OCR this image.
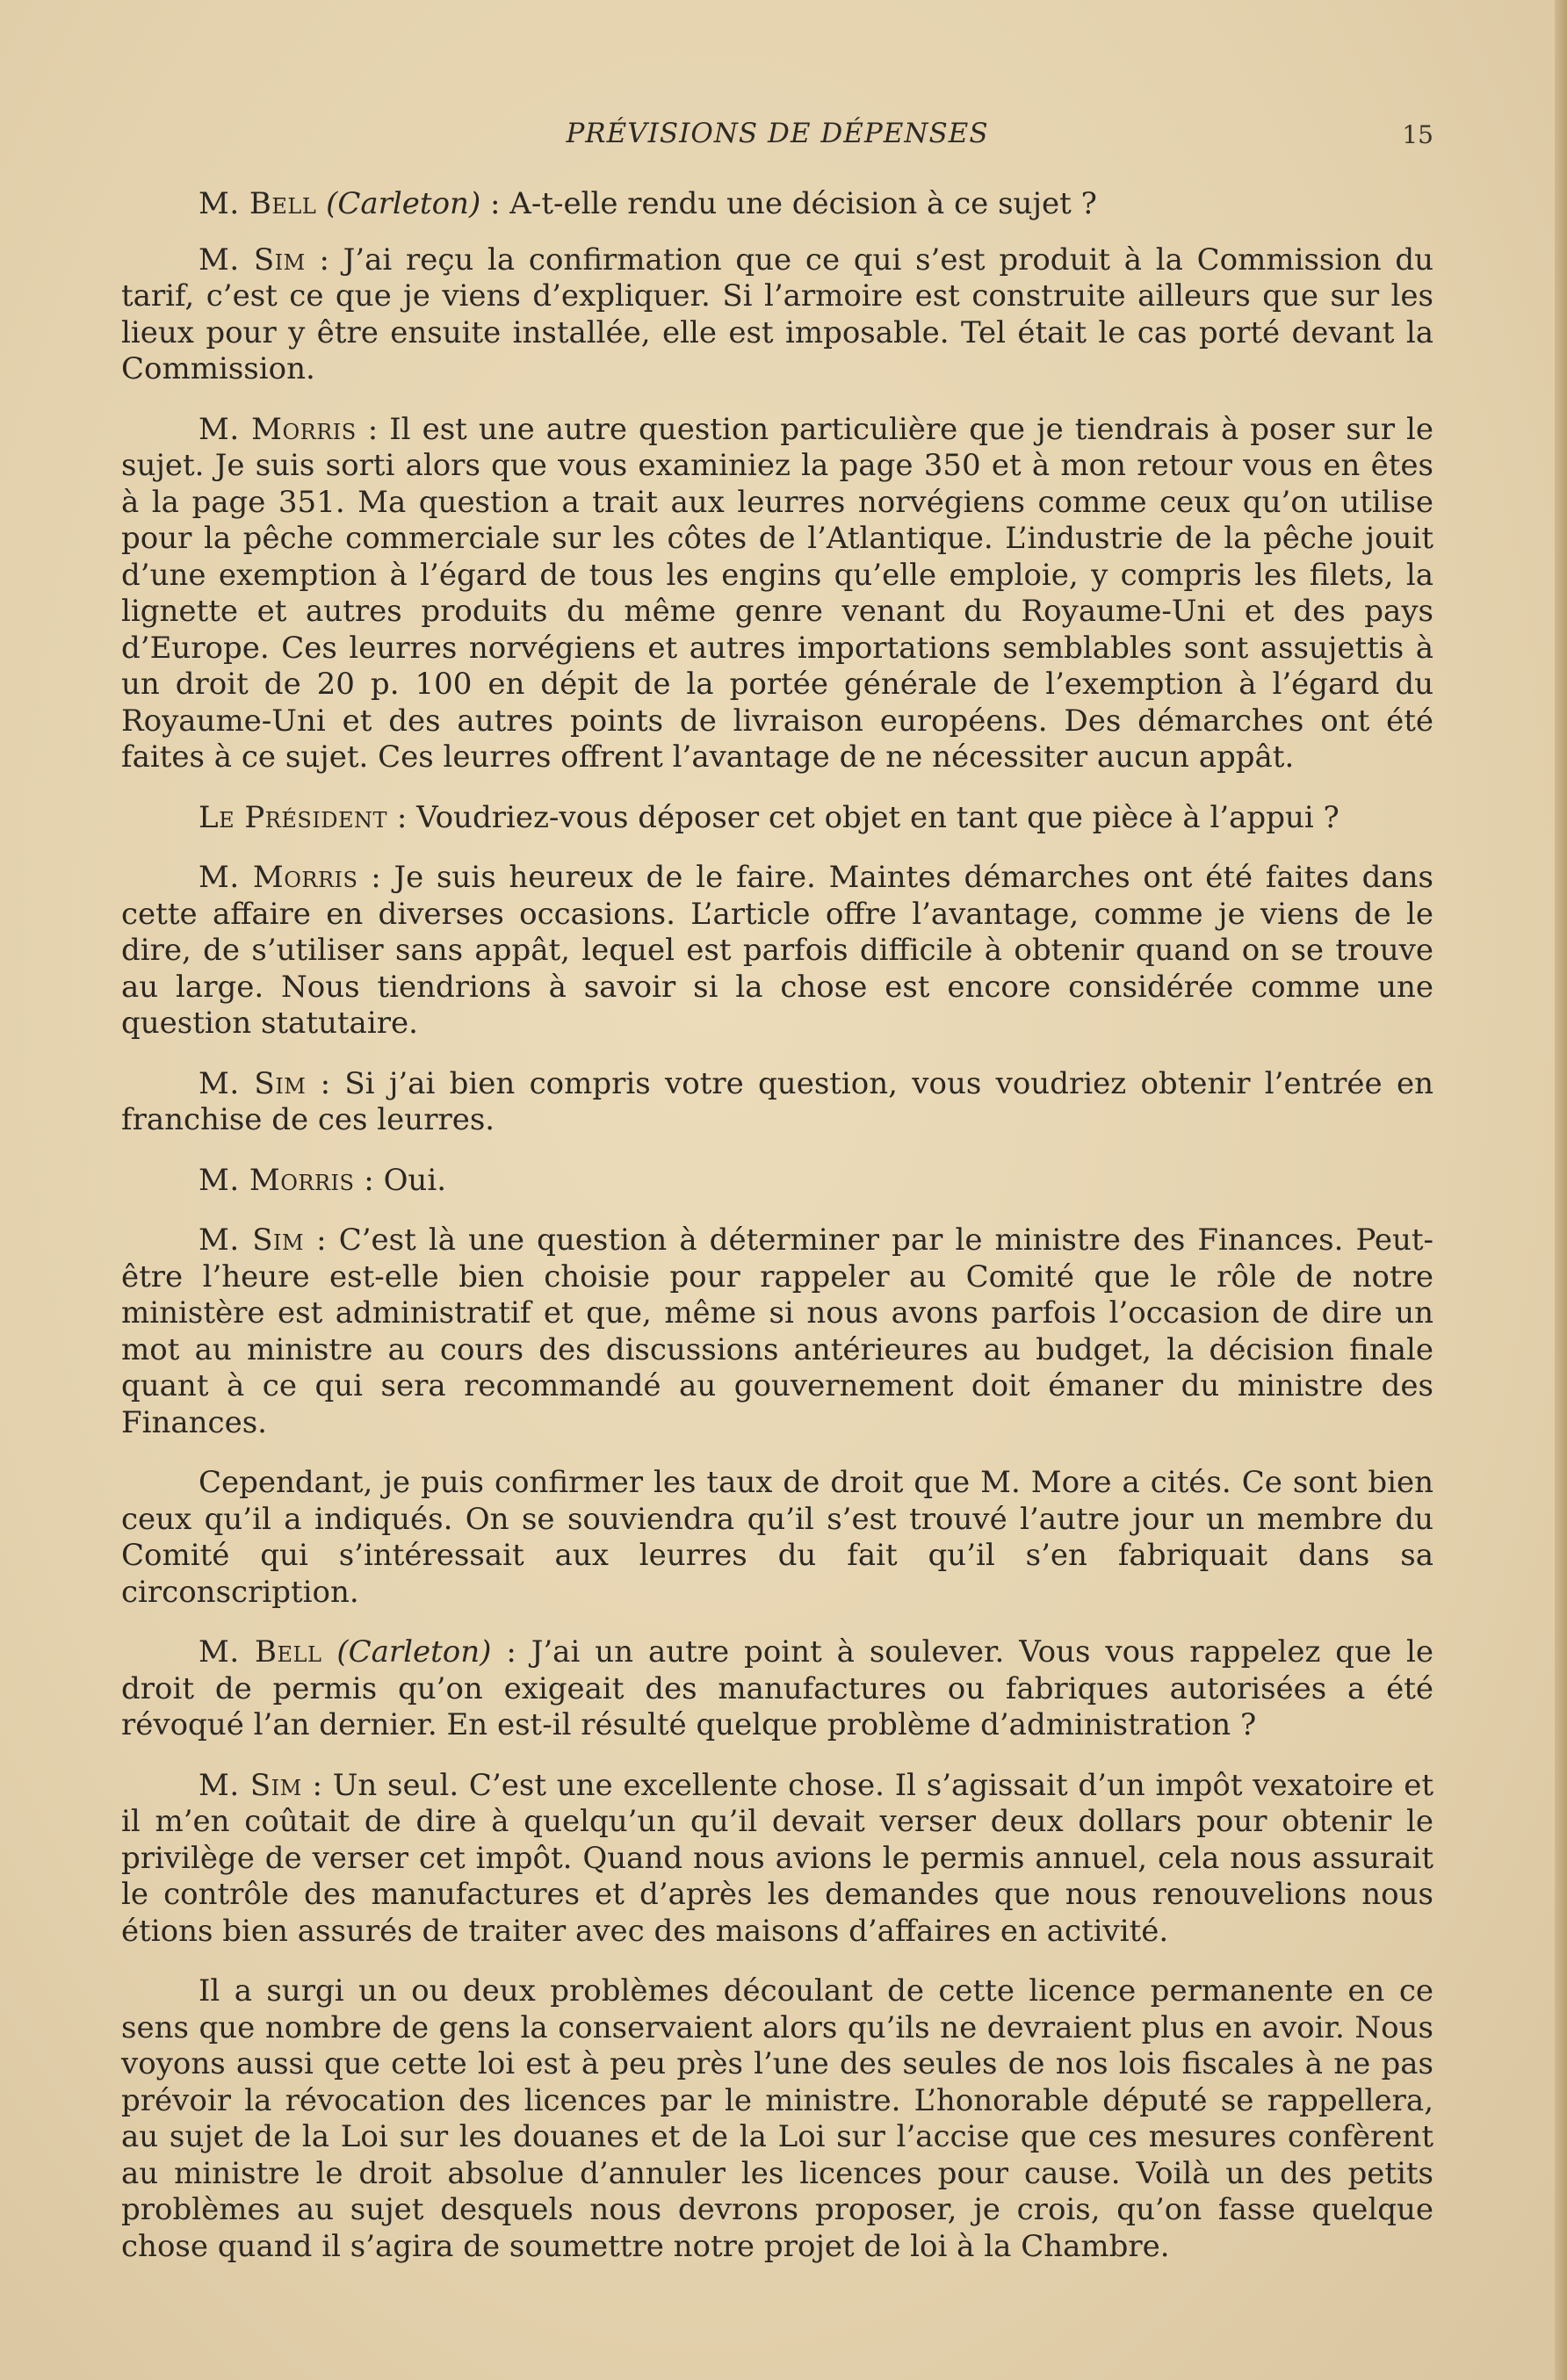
PRÉVISIONS DE DÉPENSES	15

M. Bell (Carleton) : A-t-elle rendu une décision à ce sujet ?

M. Sim : J’ai reçu la confirmation que ce qui s’est produit à la Commission du tarif, c’est ce que je viens d’expliquer. Si l’armoire est construite ailleurs que sur les lieux pour y être ensuite installée, elle est imposable. Tel était le cas porté devant la Commission.

M. Morris : Il est une autre question particulière que je tiendrais à poser sur le sujet. Je suis sorti alors que vous examiniez la page 350 et à mon retour vous en êtes à la page 351. Ma question a trait aux leurres norvégiens comme ceux qu’on utilise pour la pêche commerciale sur les côtes de l’Atlantique. L’industrie de la pêche jouit d’une exemption à l’égard de tous les engins qu’elle emploie, y compris les filets, la lignette et autres produits du même genre venant du Royaume-Uni et des pays d’Europe. Ces leurres norvégiens et autres importations semblables sont assujettis à un droit de 20 p. 100 en dépit de la portée générale de l’exemption à l’égard du Royaume-Uni et des autres points de livraison européens. Des démarches ont été faites à ce sujet. Ces leurres offrent l’avantage de ne nécessiter aucun appât.

Le Président : Voudriez-vous déposer cet objet en tant que pièce à l’appui ?

M. Morris : Je suis heureux de le faire. Maintes démarches ont été faites dans cette affaire en diverses occasions. L’article offre l’avantage, comme je viens de le dire, de s’utiliser sans appât, lequel est parfois difficile à obtenir quand on se trouve au large. Nous tiendrions à savoir si la chose est encore considérée comme une question statutaire.

M. Sim : Si j’ai bien compris votre question, vous voudriez obtenir l’entrée en franchise de ces leurres.

M. Morris : Oui.

M. Sim : C’est là une question à déterminer par le ministre des Finances. Peut-être l’heure est-elle bien choisie pour rappeler au Comité que le rôle de notre ministère est administratif et que, même si nous avons parfois l’occasion de dire un mot au ministre au cours des discussions antérieures au budget, la décision finale quant à ce qui sera recommandé au gouvernement doit émaner du ministre des Finances.

Cependant, je puis confirmer les taux de droit que M. More a cités. Ce sont bien ceux qu’il a indiqués. On se souviendra qu’il s’est trouvé l’autre jour un membre du Comité qui s’intéressait aux leurres du fait qu’il s’en fabriquait dans sa circonscription.

M. Bell (Carleton) : J’ai un autre point à soulever. Vous vous rappelez que le droit de permis qu’on exigeait des manufactures ou fabriques autorisées a été révoqué l’an dernier. En est-il résulté quelque problème d’administration ?

M. Sim : Un seul. C’est une excellente chose. Il s’agissait d’un impôt vexatoire et il m’en coûtait de dire à quelqu’un qu’il devait verser deux dollars pour obtenir le privilège de verser cet impôt. Quand nous avions le permis annuel, cela nous assurait le contrôle des manufactures et d’après les demandes que nous renouvelions nous étions bien assurés de traiter avec des maisons d’affaires en activité.

Il a surgi un ou deux problèmes découlant de cette licence permanente en ce sens que nombre de gens la conservaient alors qu’ils ne devraient plus en avoir. Nous voyons aussi que cette loi est à peu près l’une des seules de nos lois fiscales à ne pas prévoir la révocation des licences par le ministre. L’honorable député se rappellera, au sujet de la Loi sur les douanes et de la Loi sur l’accise que ces mesures confèrent au ministre le droit absolue d’annuler les licences pour cause. Voilà un des petits problèmes au sujet desquels nous devrons proposer, je crois, qu’on fasse quelque chose quand il s’agira de soumettre notre projet de loi à la Chambre.
